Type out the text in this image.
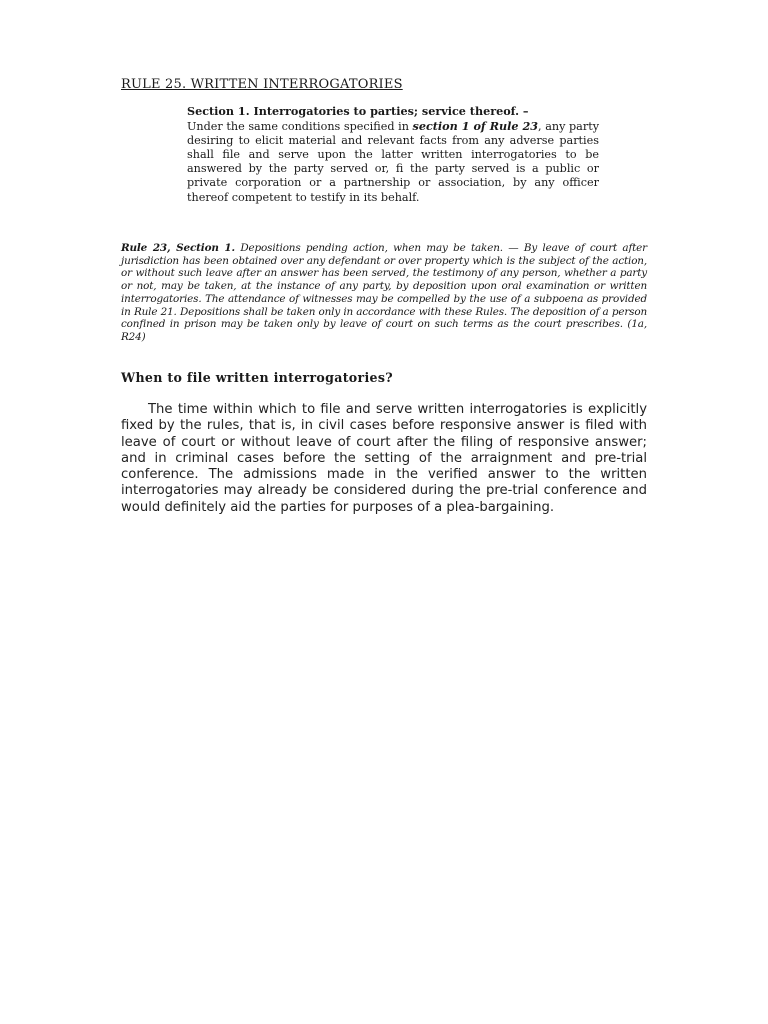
RULE 25. WRITTEN INTERROGATORIES

Section 1. Interrogatories to parties; service thereof. –
Under the same conditions specified in section 1 of Rule 23, any party desiring to elicit material and relevant facts from any adverse parties shall file and serve upon the latter written interrogatories to be answered by the party served or, fi the party served is a public or private corporation or a partnership or association, by any officer thereof competent to testify in its behalf.

Rule 23, Section 1. Depositions pending action, when may be taken. — By leave of court after jurisdiction has been obtained over any defendant or over property which is the subject of the action, or without such leave after an answer has been served, the testimony of any person, whether a party or not, may be taken, at the instance of any party, by deposition upon oral examination or written interrogatories. The attendance of witnesses may be compelled by the use of a subpoena as provided in Rule 21. Depositions shall be taken only in accordance with these Rules. The deposition of a person confined in prison may be taken only by leave of court on such terms as the court prescribes. (1a, R24)

When to file written interrogatories?

The time within which to file and serve written interrogatories is explicitly fixed by the rules, that is, in civil cases before responsive answer is filed with leave of court or without leave of court after the filing of responsive answer; and in criminal cases before the setting of the arraignment and pre-trial conference. The admissions made in the verified answer to the written interrogatories may already be considered during the pre-trial conference and would definitely aid the parties for purposes of a plea-bargaining.
